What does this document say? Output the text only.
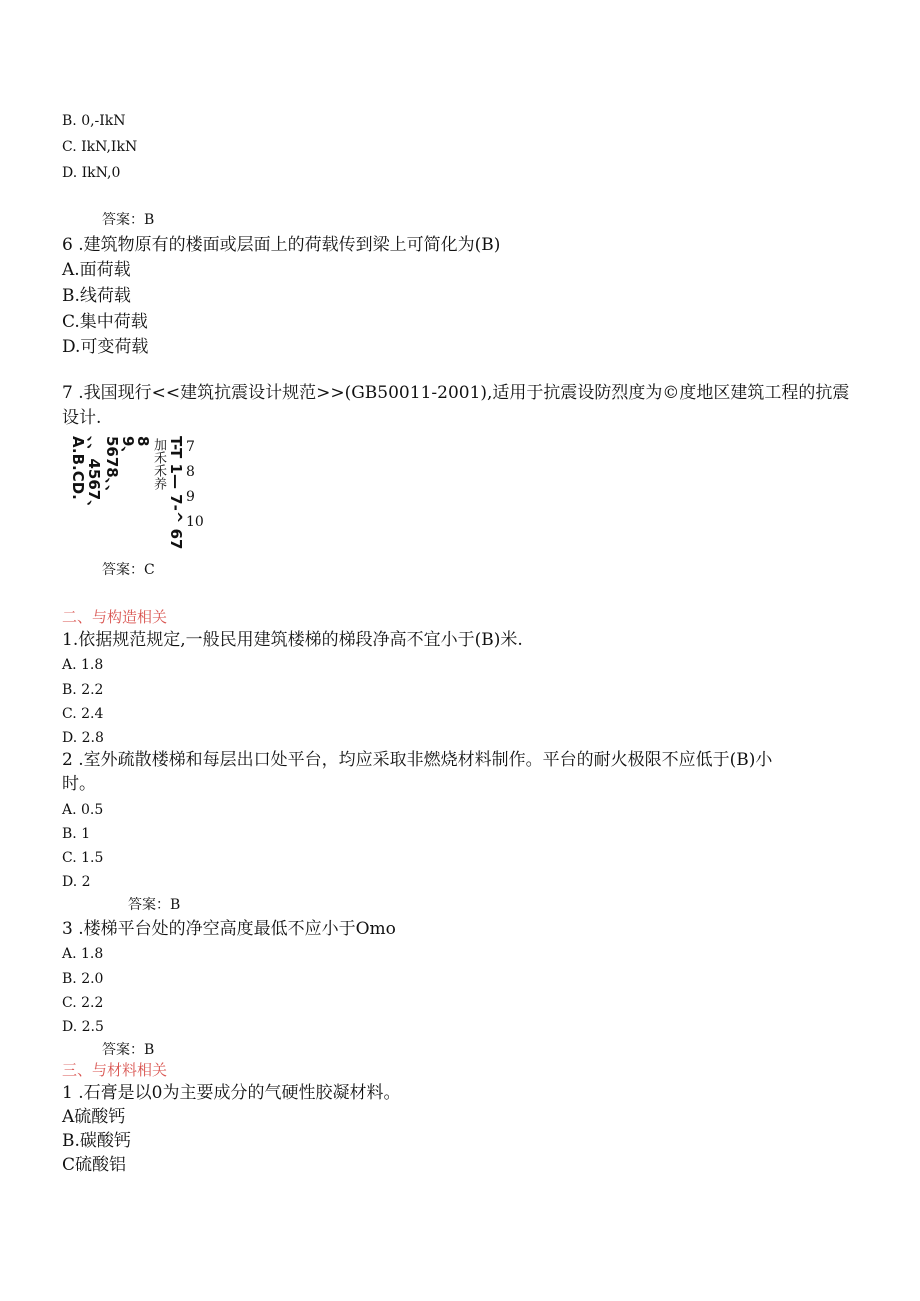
B. 0,-IkN
C. IkN,IkN
D. IkN,0
答案：B
6 .建筑物原有的楼面或层面上的荷载传到梁上可简化为(B)
A.面荷载
B.线荷载
C.集中荷载
D.可变荷载
7 .我国现行<<建筑抗震设计规范>>(GB50011-2001),适用于抗震设防烈度为©度地区建筑工程的抗震设计.
A.B.CD.
、、4567、 5678、、
9、
8 加禾禾养 T-T 1— 7-^ 67 7
8
9
10
答案：C
二、与构造相关
1.依据规范规定,一般民用建筑楼梯的梯段净高不宜小于(B)米.
A. 1.8
B. 2.2
C. 2.4
D. 2.8
2 .室外疏散楼梯和每层出口处平台，均应采取非燃烧材料制作。平台的耐火极限不应低于(B)小
时。
A. 0.5
B. 1
C. 1.5
D. 2
答案：B
3 .楼梯平台处的净空高度最低不应小于Omo
A. 1.8
B. 2.0
C. 2.2
D. 2.5
答案：B
三、与材料相关
1 .石膏是以0为主要成分的气硬性胶凝材料。
A硫酸钙
B.碳酸钙
C硫酸铝
